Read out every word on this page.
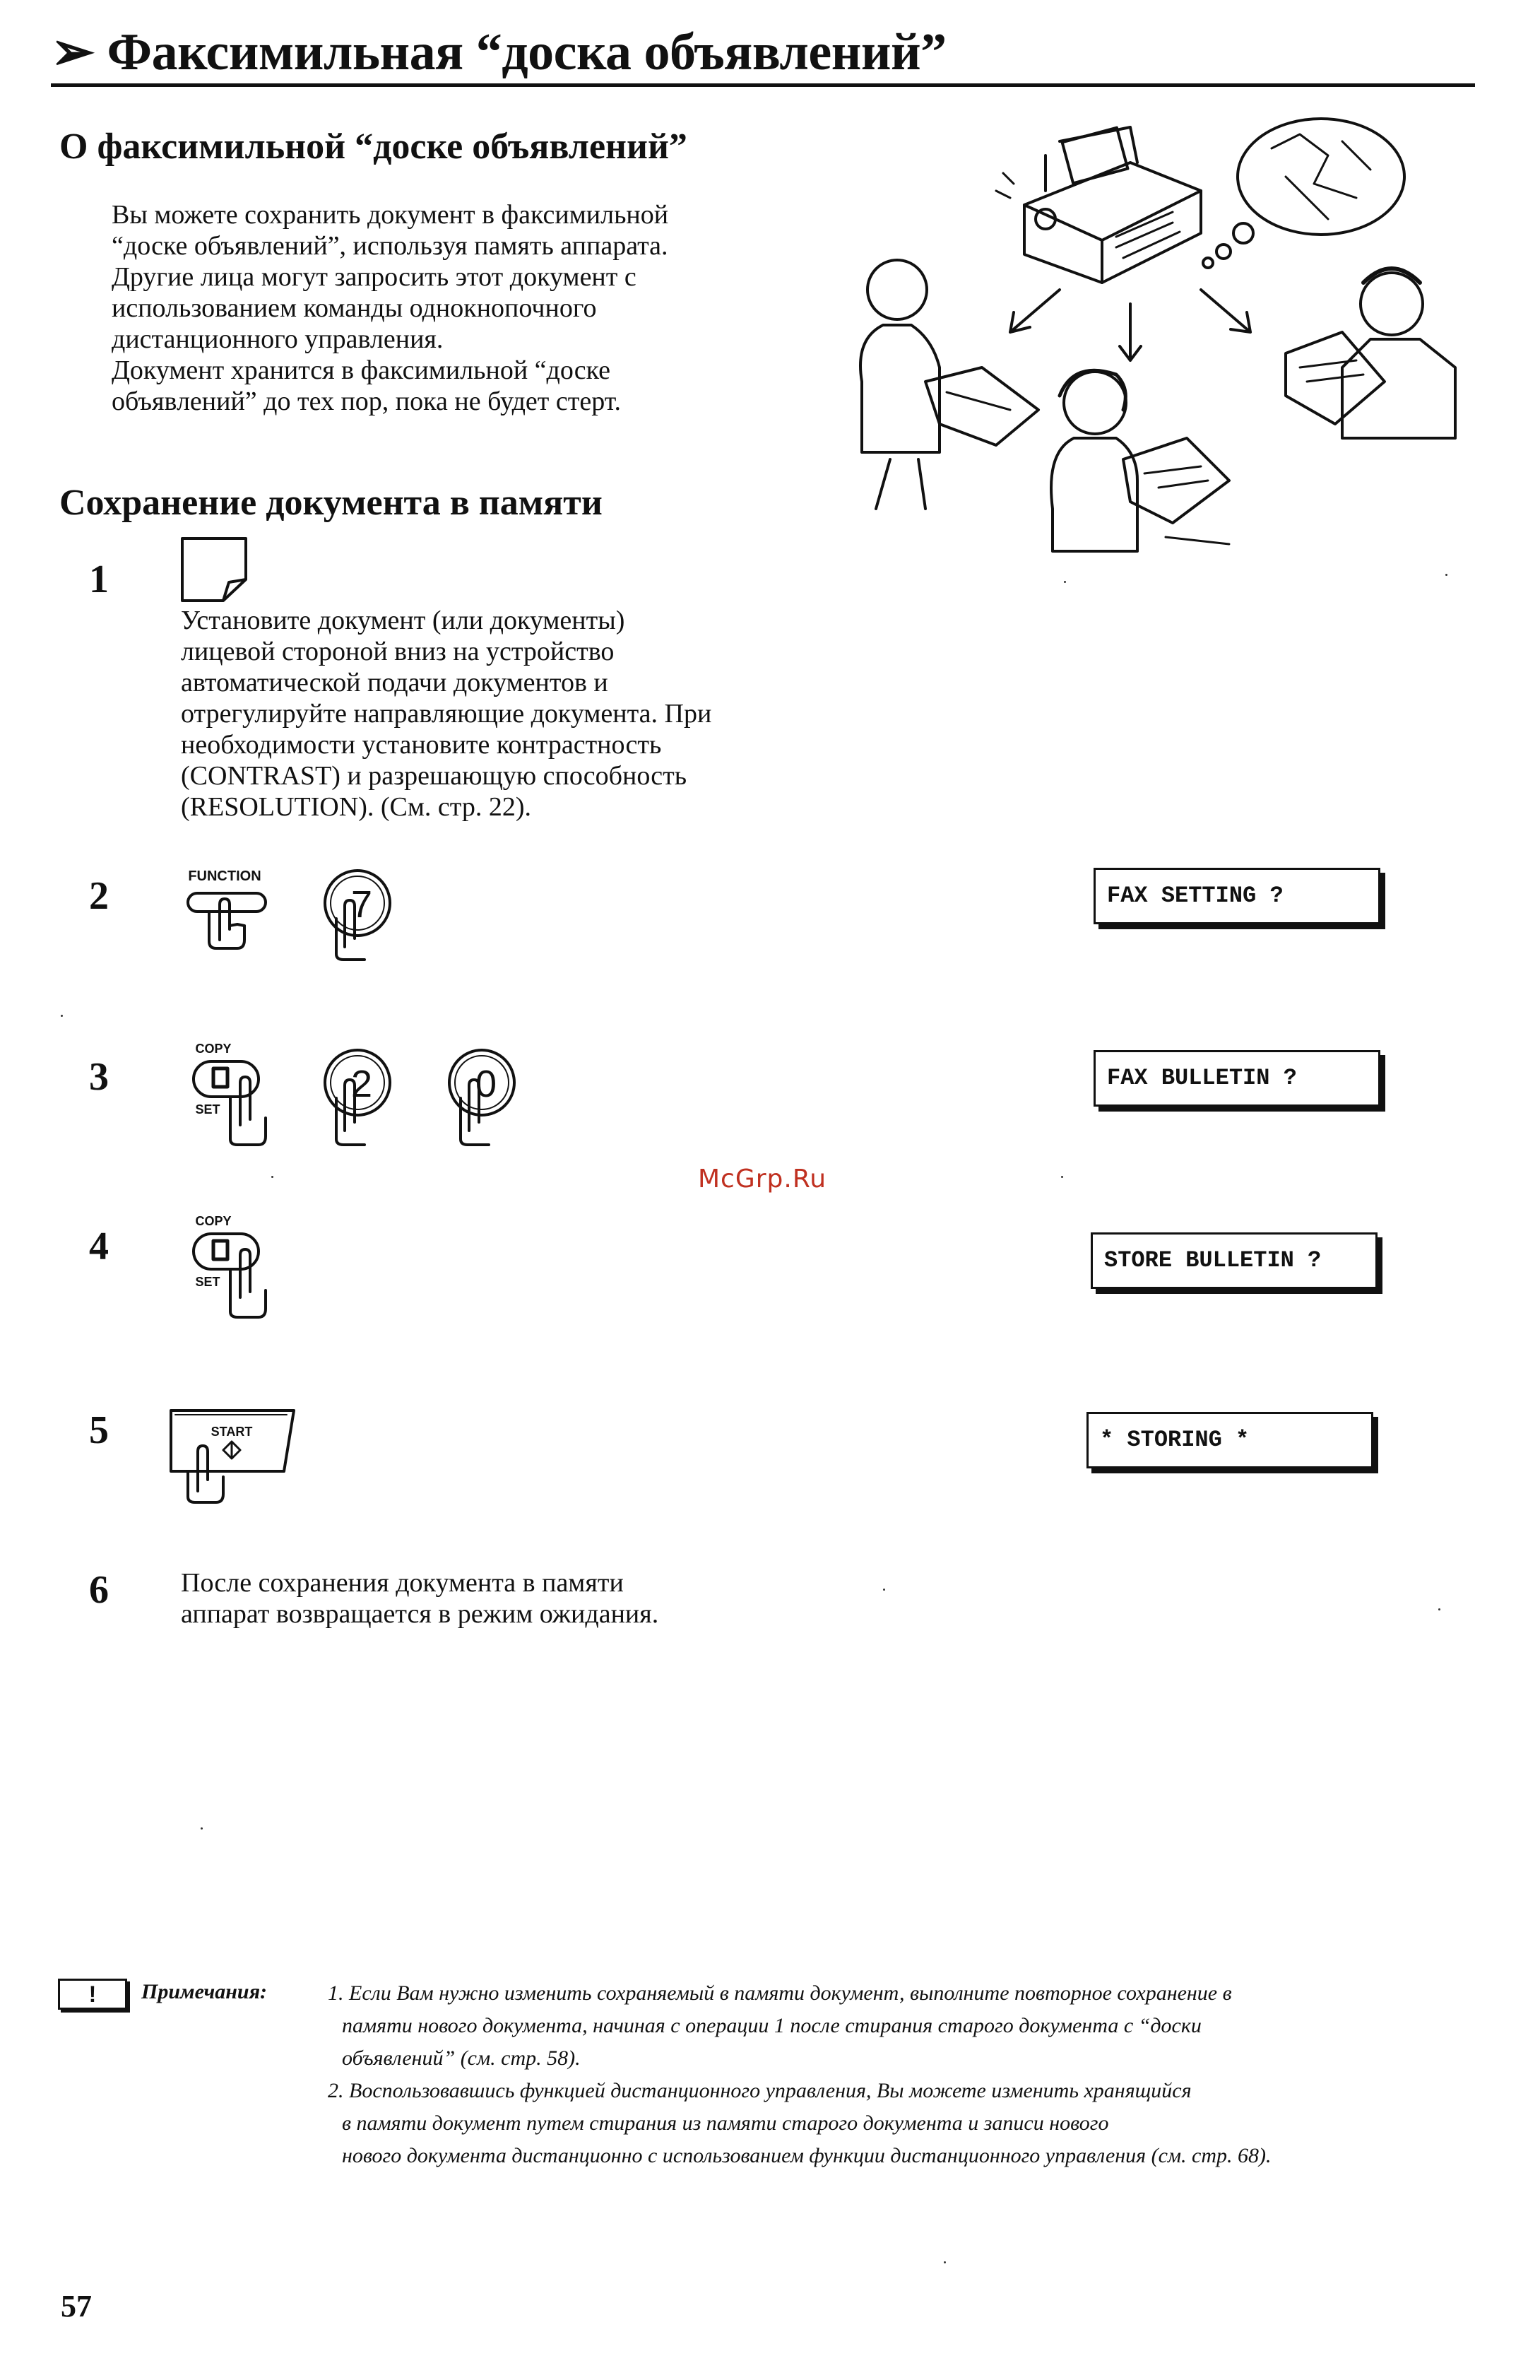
➢ Факсимильная “доска объявлений”
О факсимильной “доске объявлений”
Вы можете сохранить документ в факсимильной
“доске объявлений”, используя память аппарата.
Другие лица могут запросить этот документ с
использованием команды однокнопочного
дистанционного управления.
Документ хранится в факсимильной “доске
объявлений” до тех пор, пока не будет стерт.
Сохранение документа в памяти
1
Установите документ (или документы)
лицевой стороной вниз на устройство
автоматической подачи документов и
отрегулируйте направляющие документа. При
необходимости установите контрастность
(CONTRAST) и разрешающую способность
(RESOLUTION). (См. стр. 22).
2	FUNCTION
7	FAX SETTING ?
3
COPY
SET
2	0	FAX BULLETIN ?
McGrp.Ru
4
COPY
SET
STORE BULLETIN ?
5	START	* STORING *
6	После сохранения документа в памяти
аппарат возвращается в режим ожидания.
!	Примечания:	1. Если Вам нужно изменить сохраняемый в памяти документ, выполните повторное сохранение в
памяти нового документа, начиная с операции 1 после стирания старого документа с “доски
объявлений” (см. стр. 58).
2. Воспользовавшись функцией дистанционного управления, Вы можете изменить хранящийся
в памяти документ путем стирания из памяти старого документа и записи нового
нового документа дистанционно с использованием функции дистанционного управления (см. стр. 68).
57
